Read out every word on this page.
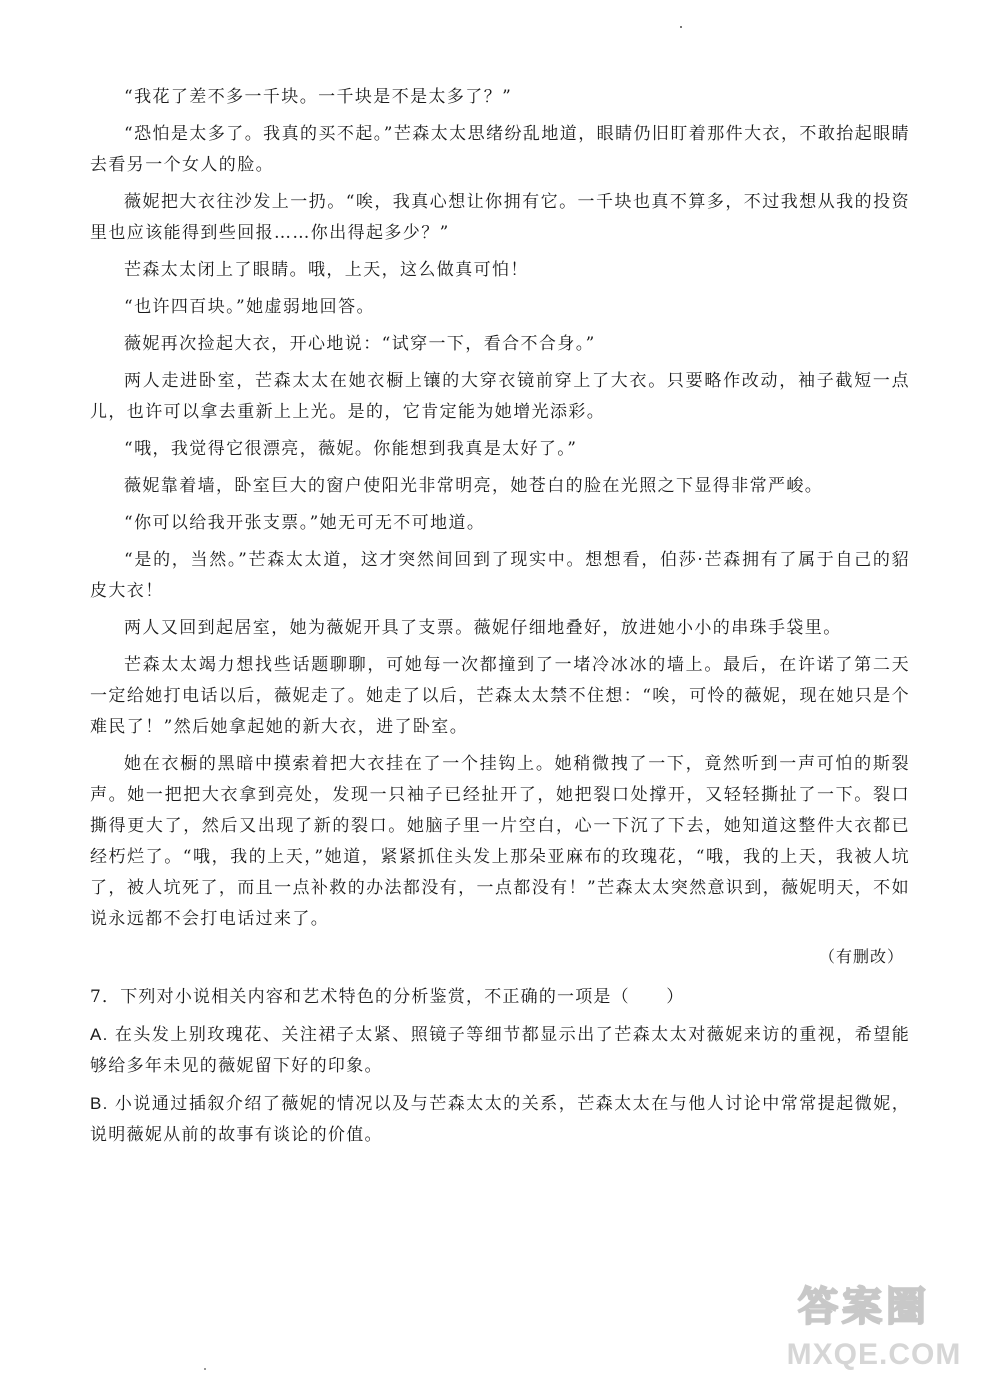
“我花了差不多一千块。一千块是不是太多了？”

“恐怕是太多了。我真的买不起。”芒森太太思绪纷乱地道，眼睛仍旧盯着那件大衣，不敢抬起眼睛去看另一个女人的脸。

薇妮把大衣往沙发上一扔。“唉，我真心想让你拥有它。一千块也真不算多，不过我想从我的投资里也应该能得到些回报……你出得起多少？”

芒森太太闭上了眼睛。哦，上天，这么做真可怕！

“也许四百块。”她虚弱地回答。

薇妮再次捡起大衣，开心地说：“试穿一下，看合不合身。”

两人走进卧室，芒森太太在她衣橱上镶的大穿衣镜前穿上了大衣。只要略作改动，袖子截短一点儿，也许可以拿去重新上上光。是的，它肯定能为她增光添彩。

“哦，我觉得它很漂亮，薇妮。你能想到我真是太好了。”

薇妮靠着墙，卧室巨大的窗户使阳光非常明亮，她苍白的脸在光照之下显得非常严峻。

“你可以给我开张支票。”她无可无不可地道。

“是的，当然。”芒森太太道，这才突然间回到了现实中。想想看，伯莎·芒森拥有了属于自己的貂皮大衣！

两人又回到起居室，她为薇妮开具了支票。薇妮仔细地叠好，放进她小小的串珠手袋里。

芒森太太竭力想找些话题聊聊，可她每一次都撞到了一堵冷冰冰的墙上。最后，在许诺了第二天一定给她打电话以后，薇妮走了。她走了以后，芒森太太禁不住想：“唉，可怜的薇妮，现在她只是个难民了！”然后她拿起她的新大衣，进了卧室。

她在衣橱的黑暗中摸索着把大衣挂在了一个挂钩上。她稍微拽了一下，竟然听到一声可怕的斯裂声。她一把把大衣拿到亮处，发现一只袖子已经扯开了，她把裂口处撑开，又轻轻撕扯了一下。裂口撕得更大了，然后又出现了新的裂口。她脑子里一片空白，心一下沉了下去，她知道这整件大衣都已经朽烂了。“哦，我的上天，”她道，紧紧抓住头发上那朵亚麻布的玫瑰花，“哦，我的上天，我被人坑了，被人坑死了，而且一点补救的办法都没有，一点都没有！”芒森太太突然意识到，薇妮明天，不如说永远都不会打电话过来了。

（有删改）

7．下列对小说相关内容和艺术特色的分析鉴赏，不正确的一项是（　　）

A. 在头发上别玫瑰花、关注裙子太紧、照镜子等细节都显示出了芒森太太对薇妮来访的重视，希望能够给多年未见的薇妮留下好的印象。

B. 小说通过插叙介绍了薇妮的情况以及与芒森太太的关系，芒森太太在与他人讨论中常常提起微妮，说明薇妮从前的故事有谈论的价值。

答案圈
MXQE.COM
